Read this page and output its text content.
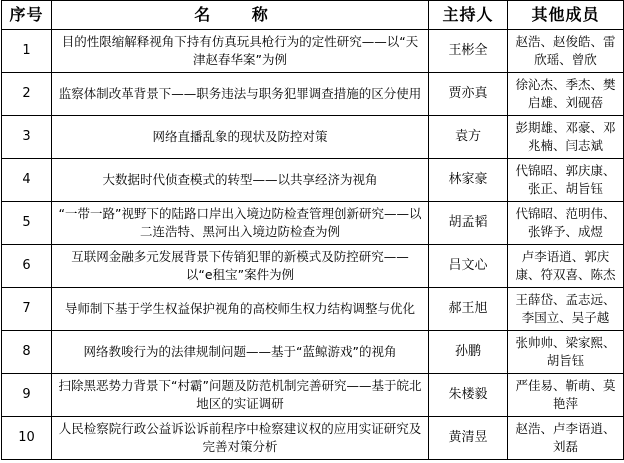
序号	名 称	主持人	其他成员
1	目的性限缩解释视角下持有仿真玩具枪行为的定性研究——以“天津赵春华案”为例	王彬全	赵浩、赵俊皓、雷欣瑶、曾欣
2	监察体制改革背景下——职务违法与职务犯罪调查措施的区分使用	贾亦真	徐沁杰、季杰、樊启雄、刘砚蓓
3	网络直播乱象的现状及防控对策	袁方	彭期雄、邓豪、邓兆楠、闫志斌
4	大数据时代侦查模式的转型——以共享经济为视角	林家豪	代锦昭、郭庆康、张正、胡旨钰
5	“一带一路”视野下的陆路口岸出入境边防检查管理创新研究——以二连浩特、黑河出入境边防检查为例	胡孟韬	代锦昭、范明伟、张铧予、成煜
6	互联网金融多元发展背景下传销犯罪的新模式及防控研究——以“e租宝”案件为例	吕文心	卢李语逍、郭庆康、符双喜、陈杰
7	导师制下基于学生权益保护视角的高校师生权力结构调整与优化	郝王旭	王薛岱、孟志远、李国立、吴子越
8	网络教唆行为的法律规制问题——基于“蓝鲸游戏”的视角	孙鹏	张帅帅、梁家熙、胡旨钰
9	扫除黑恶势力背景下“村霸”问题及防范机制完善研究——基于皖北地区的实证调研	朱楼毅	严佳易、靳萌、莫艳萍
10	人民检察院行政公益诉讼诉前程序中检察建议权的应用实证研究及完善对策分析	黄清昱	赵浩、卢李语逍、刘磊
